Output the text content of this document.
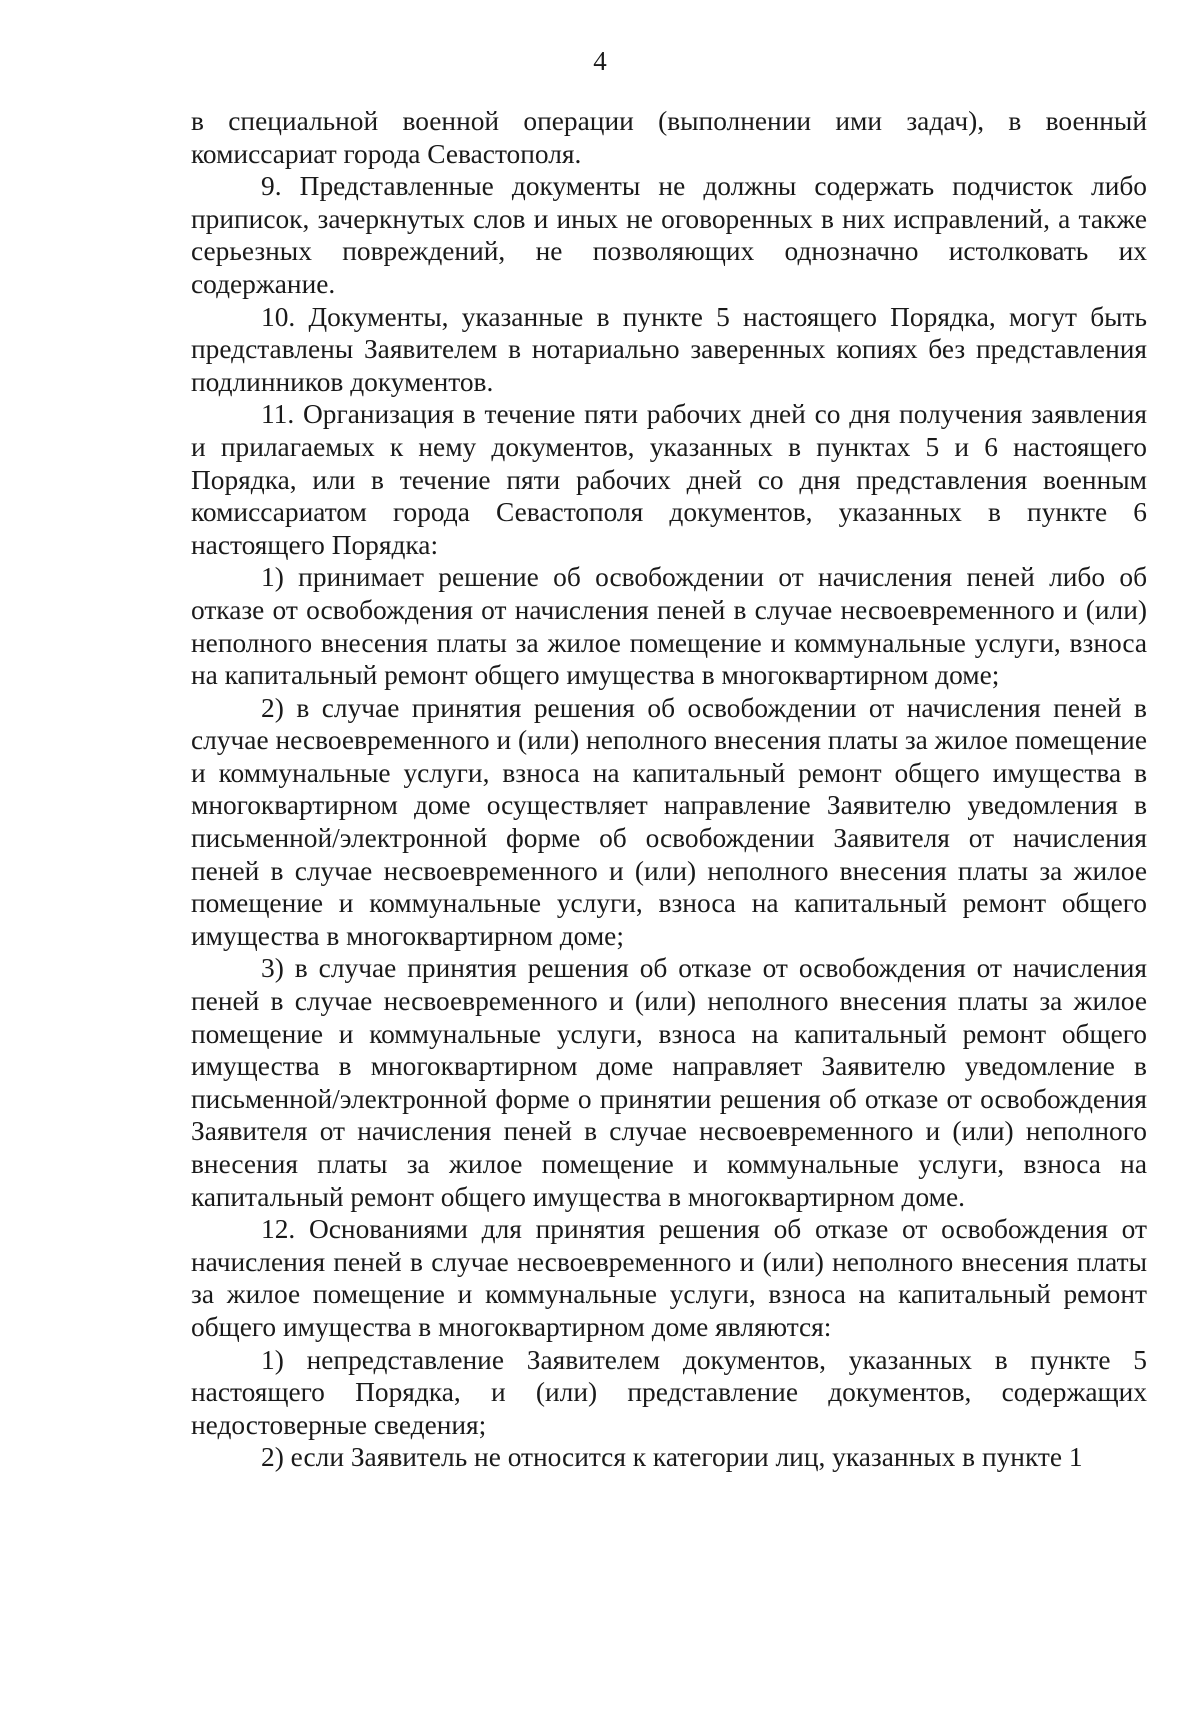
4

в специальной военной операции (выполнении ими задач), в военный комиссариат города Севастополя.

9. Представленные документы не должны содержать подчисток либо приписок, зачеркнутых слов и иных не оговоренных в них исправлений, а также серьезных повреждений, не позволяющих однозначно истолковать их содержание.

10. Документы, указанные в пункте 5 настоящего Порядка, могут быть представлены Заявителем в нотариально заверенных копиях без представления подлинников документов.

11. Организация в течение пяти рабочих дней со дня получения заявления и прилагаемых к нему документов, указанных в пунктах 5 и 6 настоящего Порядка, или в течение пяти рабочих дней со дня представления военным комиссариатом города Севастополя документов, указанных в пункте 6 настоящего Порядка:

1) принимает решение об освобождении от начисления пеней либо об отказе от освобождения от начисления пеней в случае несвоевременного и (или) неполного внесения платы за жилое помещение и коммунальные услуги, взноса на капитальный ремонт общего имущества в многоквартирном доме;

2) в случае принятия решения об освобождении от начисления пеней в случае несвоевременного и (или) неполного внесения платы за жилое помещение и коммунальные услуги, взноса на капитальный ремонт общего имущества в многоквартирном доме осуществляет направление Заявителю уведомления в письменной/электронной форме об освобождении Заявителя от начисления пеней в случае несвоевременного и (или) неполного внесения платы за жилое помещение и коммунальные услуги, взноса на капитальный ремонт общего имущества в многоквартирном доме;

3) в случае принятия решения об отказе от освобождения от начисления пеней в случае несвоевременного и (или) неполного внесения платы за жилое помещение и коммунальные услуги, взноса на капитальный ремонт общего имущества в многоквартирном доме направляет Заявителю уведомление в письменной/электронной форме о принятии решения об отказе от освобождения Заявителя от начисления пеней в случае несвоевременного и (или) неполного внесения платы за жилое помещение и коммунальные услуги, взноса на капитальный ремонт общего имущества в многоквартирном доме.

12. Основаниями для принятия решения об отказе от освобождения от начисления пеней в случае несвоевременного и (или) неполного внесения платы за жилое помещение и коммунальные услуги, взноса на капитальный ремонт общего имущества в многоквартирном доме являются:

1) непредставление Заявителем документов, указанных в пункте 5 настоящего Порядка, и (или) представление документов, содержащих недостоверные сведения;

2) если Заявитель не относится к категории лиц, указанных в пункте 1
